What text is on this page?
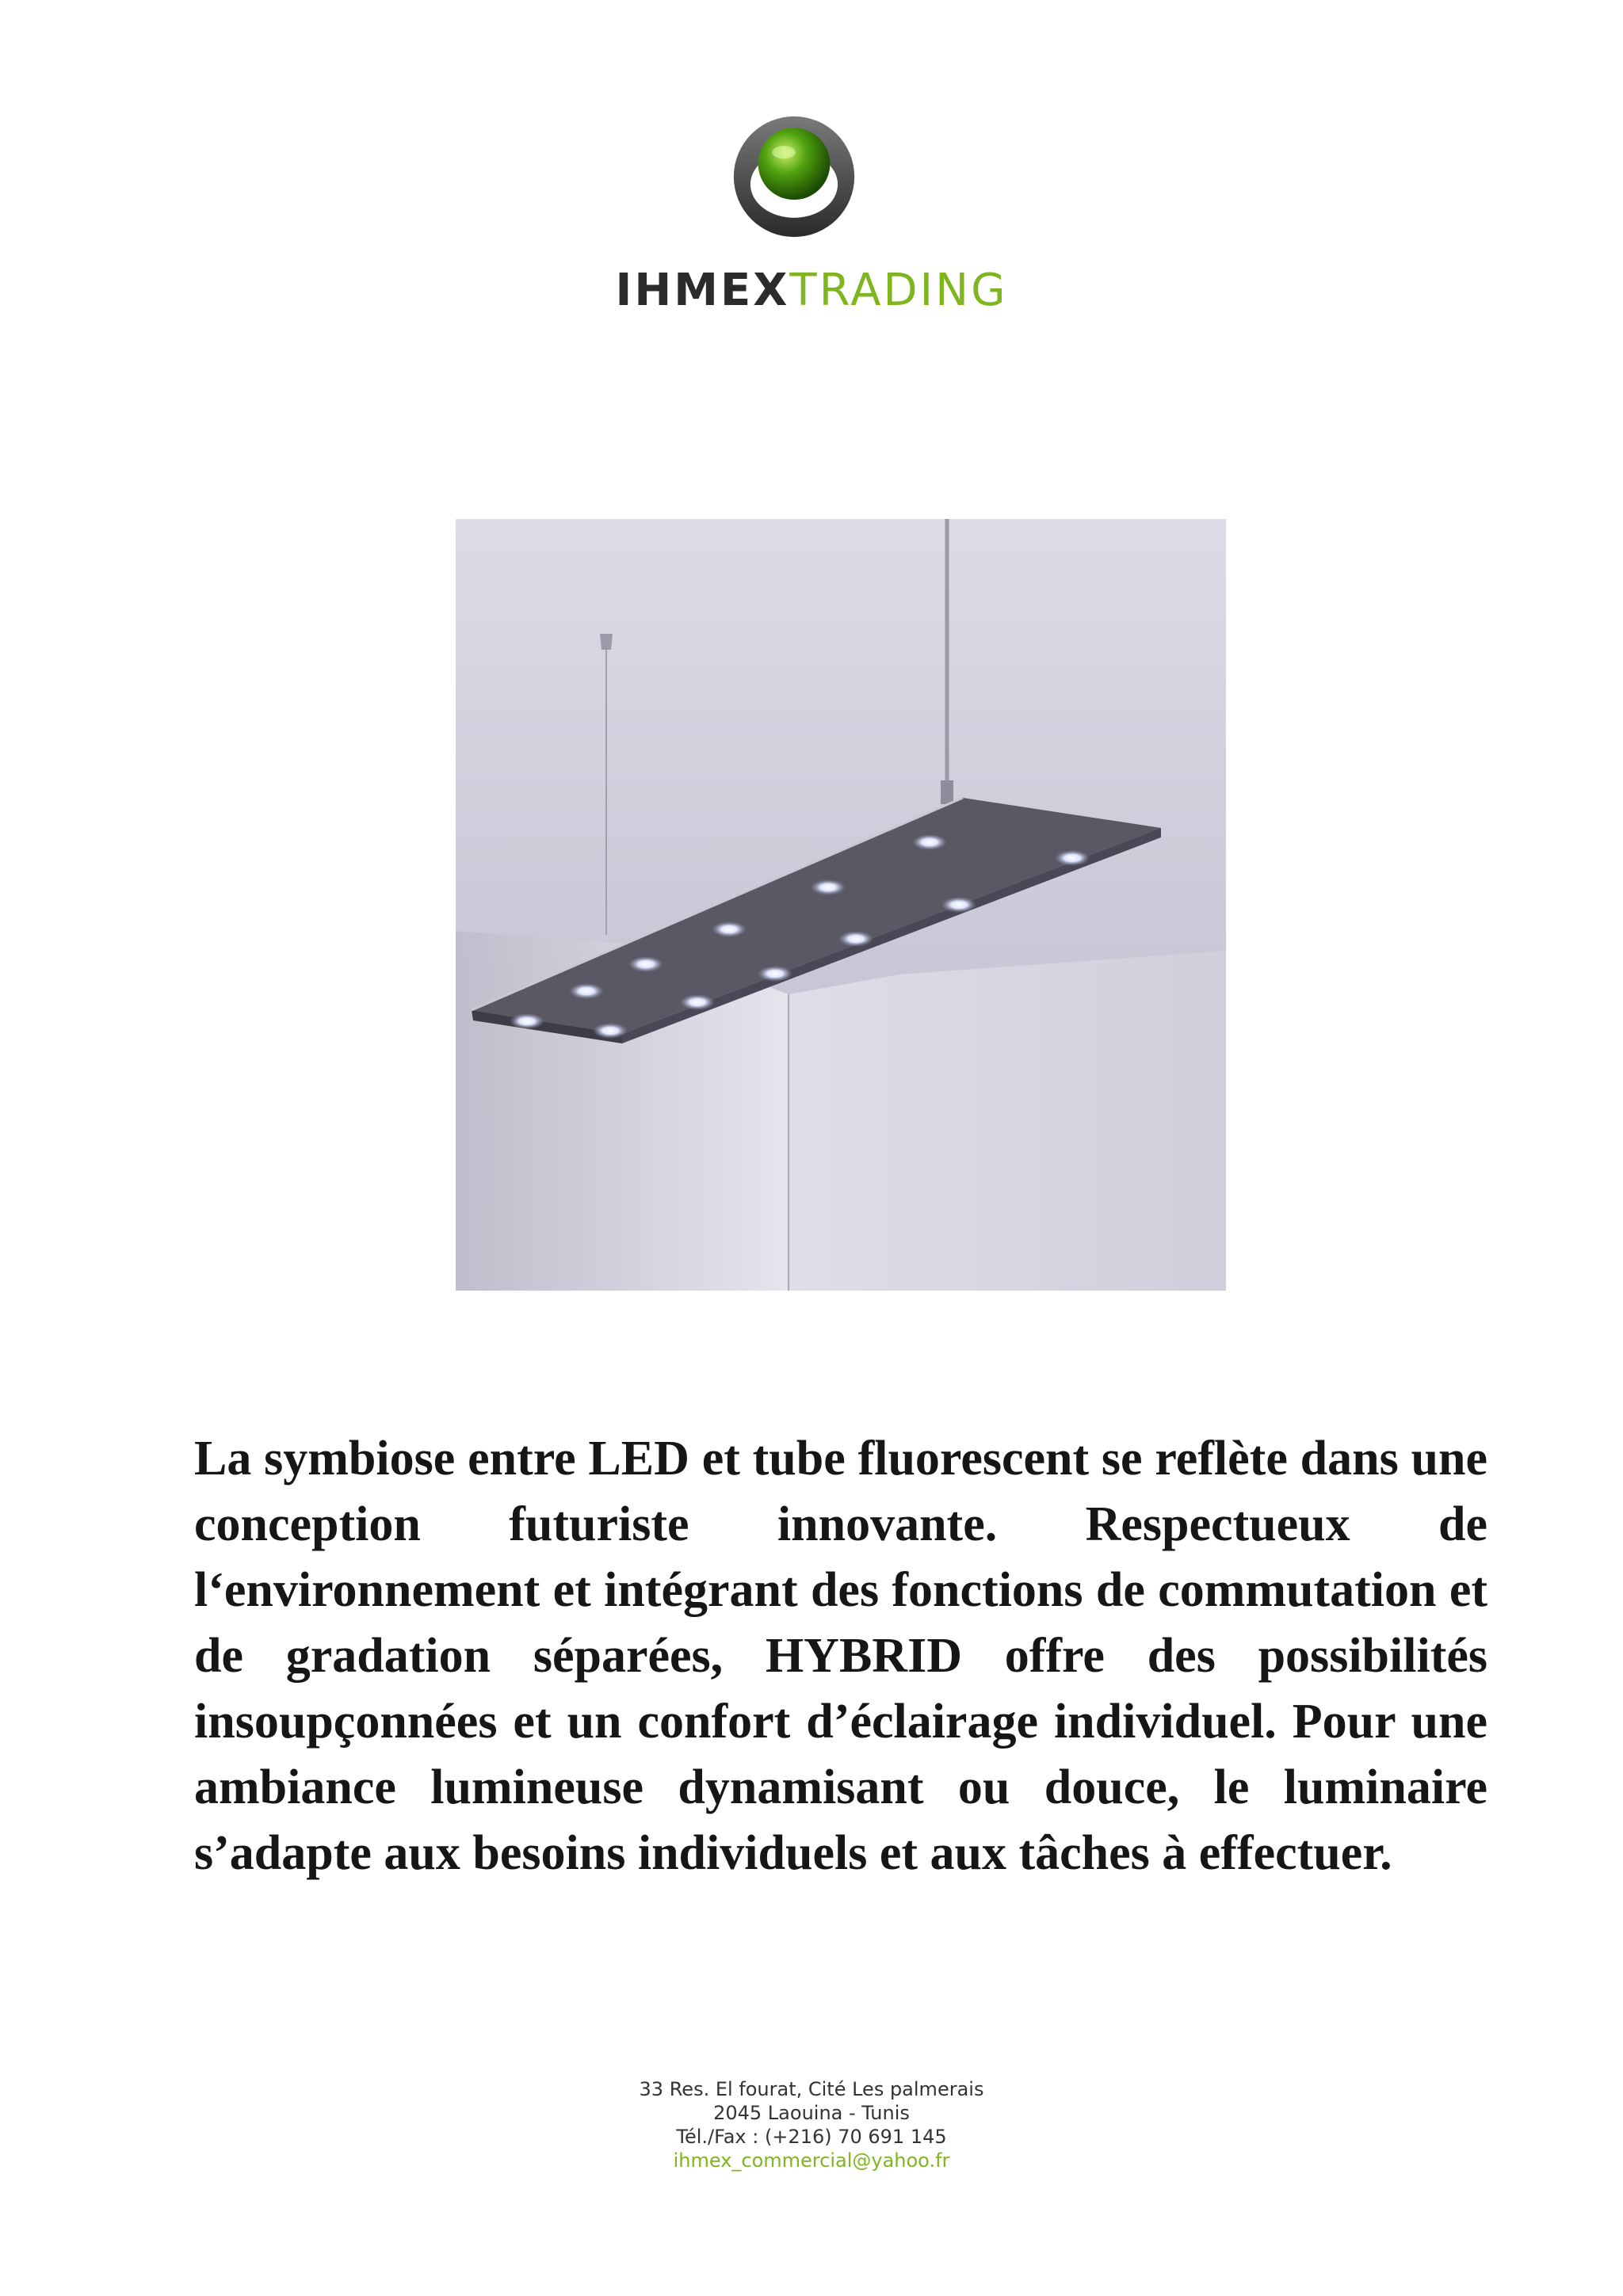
IHMEXTRADING

La symbiose entre LED et tube fluorescent se reflète dans une conception futuriste innovante. Respectueux de l‘environnement et intégrant des fonctions de commutation et de gradation séparées, HYBRID offre des possibilités insoupçonnées et un confort d’éclairage individuel. Pour une ambiance lumineuse dynamisant ou douce, le luminaire s’adapte aux besoins individuels et aux tâches à effectuer.

33 Res. El fourat, Cité Les palmerais
2045 Laouina - Tunis
Tél./Fax : (+216) 70 691 145
ihmex_commercial@yahoo.fr
